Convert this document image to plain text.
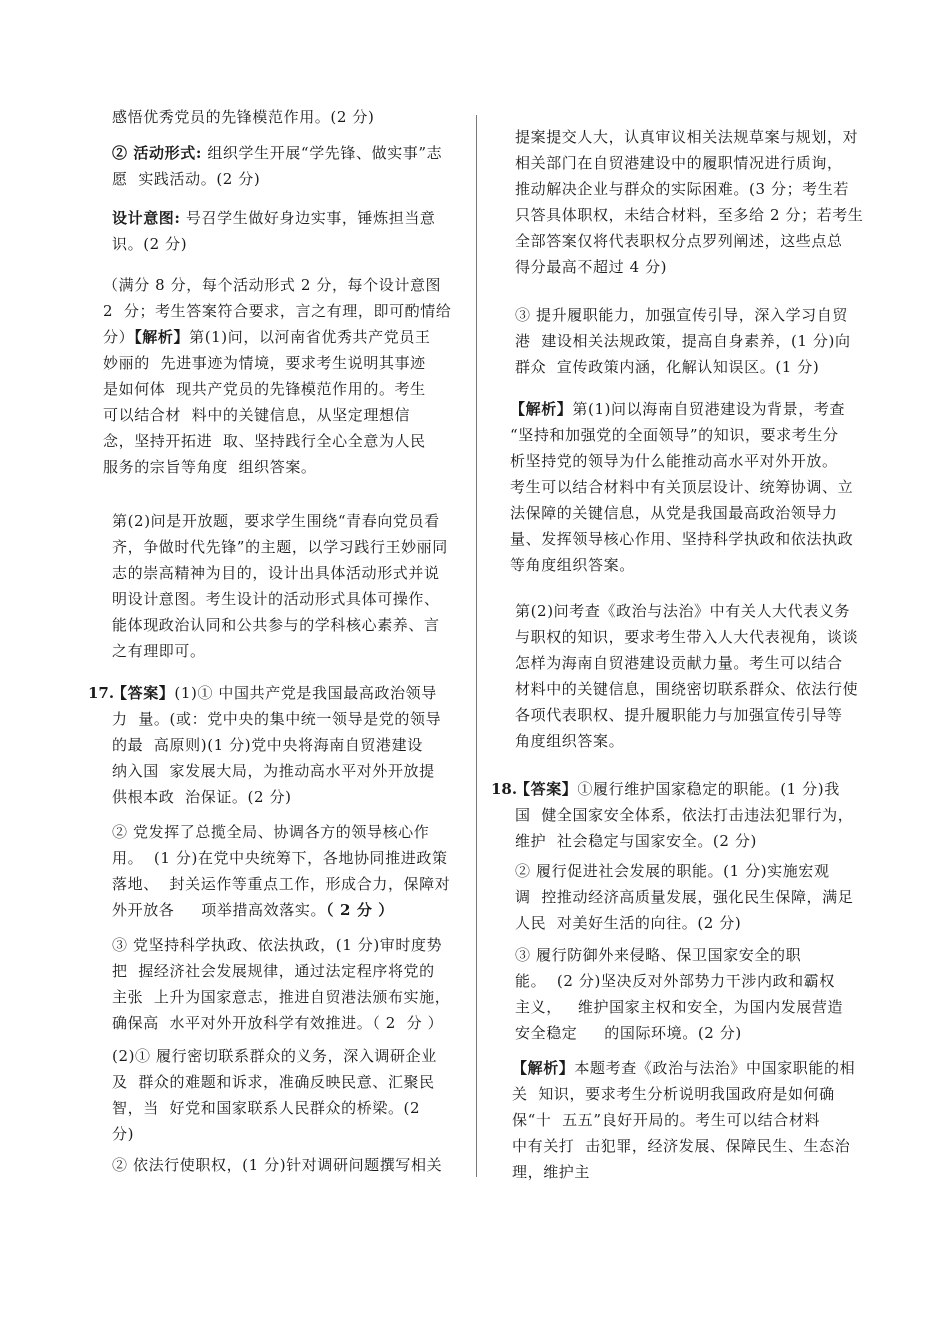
感悟优秀党员的先锋模范作用。(2 分)

② 活动形式: 组织学生开展“学先锋、做实事”志
愿  实践活动。(2 分)

设计意图: 号召学生做好身边实事，锤炼担当意
识。(2 分)

（满分 8 分，每个活动形式 2 分，每个设计意图
2  分；考生答案符合要求，言之有理，即可酌情给
分）【解析】第(1)问，以河南省优秀共产党员王
妙丽的  先进事迹为情境，要求考生说明其事迹
是如何体  现共产党员的先锋模范作用的。考生
可以结合材  料中的关键信息，从坚定理想信
念，坚持开拓进  取、坚持践行全心全意为人民
服务的宗旨等角度  组织答案。

第(2)问是开放题，要求学生围绕“青春向党员看
齐，争做时代先锋”的主题，以学习践行王妙丽同
志的崇高精神为目的，设计出具体活动形式并说
明设计意图。考生设计的活动形式具体可操作、
能体现政治认同和公共参与的学科核心素养、言
之有理即可。

17.

【答案】(1)① 中国共产党是我国最高政治领导
力  量。(或：党中央的集中统一领导是党的领导
的最  高原则)(1 分)党中央将海南自贸港建设
纳入国  家发展大局，为推动高水平对外开放提
供根本政  治保证。(2 分)

② 党发挥了总揽全局、协调各方的领导核心作
用。  (1 分)在党中央统筹下，各地协同推进政策
落地、  封关运作等重点工作，形成合力，保障对
外开放各     项举措高效落实。（ 2 分 ）

③ 党坚持科学执政、依法执政，(1 分)审时度势
把  握经济社会发展规律，通过法定程序将党的
主张  上升为国家意志，推进自贸港法颁布实施，
确保高  水平对外开放科学有效推进。（ 2  分 ）

(2)① 履行密切联系群众的义务，深入调研企业
及  群众的难题和诉求，准确反映民意、汇聚民
智，当  好党和国家联系人民群众的桥梁。(2
分)

② 依法行使职权，(1 分)针对调研问题撰写相关

提案提交人大，认真审议相关法规草案与规划，对
相关部门在自贸港建设中的履职情况进行质询，
推动解决企业与群众的实际困难。(3 分；考生若
只答具体职权，未结合材料，至多给 2 分；若考生
全部答案仅将代表职权分点罗列阐述，这些点总
得分最高不超过 4 分)

③ 提升履职能力，加强宣传引导，深入学习自贸
港  建设相关法规政策，提高自身素养，(1 分)向
群众  宣传政策内涵，化解认知误区。(1 分)

【解析】第(1)问以海南自贸港建设为背景，考查
“坚持和加强党的全面领导”的知识，要求考生分
析坚持党的领导为什么能推动高水平对外开放。
考生可以结合材料中有关顶层设计、统筹协调、立
法保障的关键信息，从党是我国最高政治领导力
量、发挥领导核心作用、坚持科学执政和依法执政
等角度组织答案。

第(2)问考查《政治与法治》中有关人大代表义务
与职权的知识，要求考生带入人大代表视角，谈谈
怎样为海南自贸港建设贡献力量。考生可以结合
材料中的关键信息，围绕密切联系群众、依法行使
各项代表职权、提升履职能力与加强宣传引导等
角度组织答案。

18.

【答案】①履行维护国家稳定的职能。(1 分)我
国  健全国家安全体系，依法打击违法犯罪行为，
维护  社会稳定与国家安全。(2 分)

② 履行促进社会发展的职能。(1 分)实施宏观
调  控推动经济高质量发展，强化民生保障，满足
人民  对美好生活的向往。(2 分)

③ 履行防御外来侵略、保卫国家安全的职
能。  (2 分)坚决反对外部势力干涉内政和霸权
主义，   维护国家主权和安全，为国内发展营造
安全稳定     的国际环境。(2 分)

【解析】本题考查《政治与法治》中国家职能的相
关  知识，要求考生分析说明我国政府是如何确
保“十  五五”良好开局的。考生可以结合材料
中有关打  击犯罪，经济发展、保障民生、生态治
理，维护主
